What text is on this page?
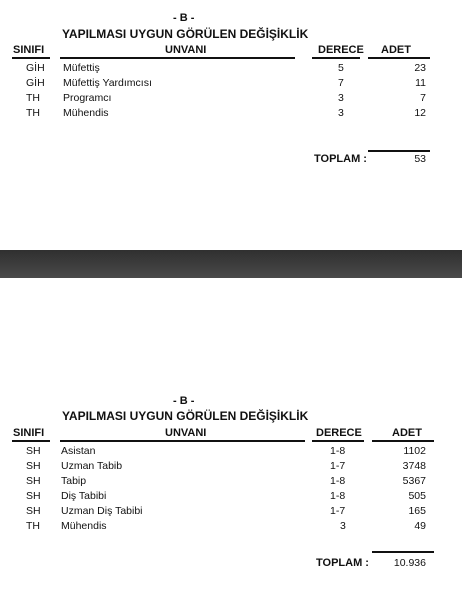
- B -
YAPILMASI UYGUN GÖRÜLEN DEĞİŞİKLİK
SINIFI	UNVANI	DERECE ADET
GİH Müfettiş	5	23
GİH Müfettiş Yardımcısı	7	11
TH Programcı	3	7
TH Mühendis	3	12
TOPLAM :	53
- B -
YAPILMASI UYGUN GÖRÜLEN DEĞİŞİKLİK
SINIFI	UNVANI	DERECE	ADET
SH Asistan	1-8	1102
SH Uzman Tabib	1-7	3748
SH Tabip	1-8	5367
SH Diş Tabibi	1-8	505
SH Uzman Diş Tabibi	1-7	165
TH Mühendis	3	49
TOPLAM : 10.936
